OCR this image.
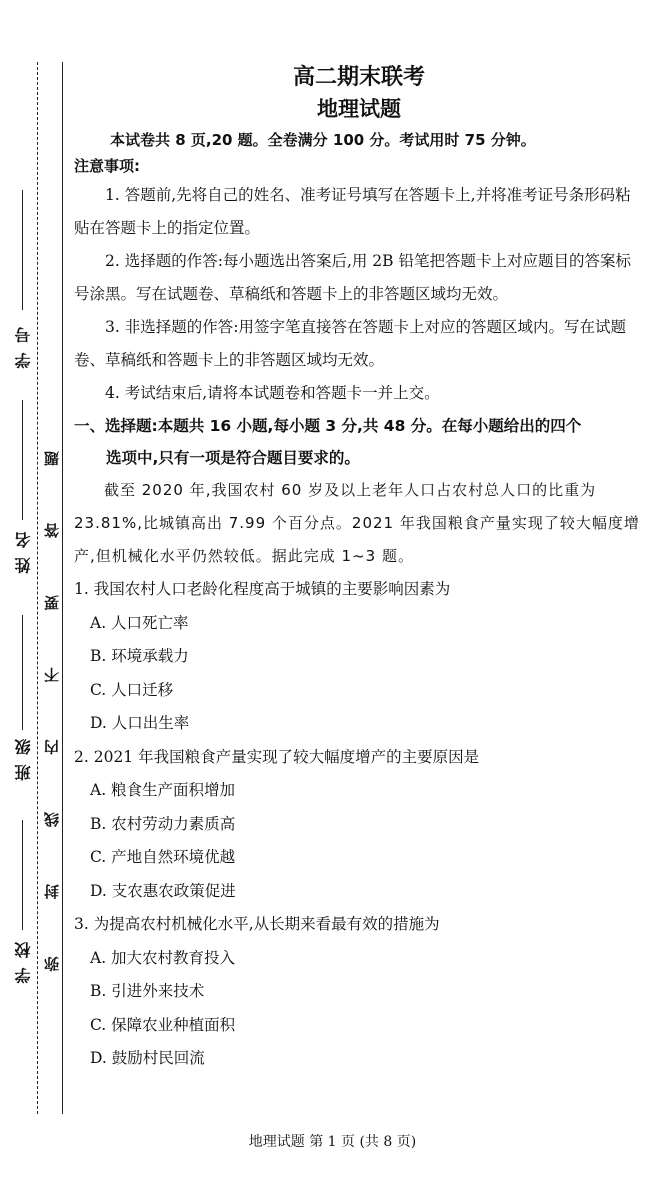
学 号
姓 名
班 级
学 校 弥 封 线 内 不 要 答 题
高二期末联考
地理试题
本试卷共 8 页,20 题。全卷满分 100 分。考试用时 75 分钟。
注意事项:

1. 答题前,先将自己的姓名、准考证号填写在答题卡上,并将准考证号条形码粘贴在答题卡上的指定位置。

2. 选择题的作答:每小题选出答案后,用 2B 铅笔把答题卡上对应题目的答案标号涂黑。写在试题卷、草稿纸和答题卡上的非答题区域均无效。

3. 非选择题的作答:用签字笔直接答在答题卡上对应的答题区域内。写在试题卷、草稿纸和答题卡上的非答题区域均无效。

4. 考试结束后,请将本试题卷和答题卡一并上交。

一、选择题:本题共 16 小题,每小题 3 分,共 48 分。在每小题给出的四个
选项中,只有一项是符合题目要求的。

截至 2020 年,我国农村 60 岁及以上老年人口占农村总人口的比重为 23.81%,比城镇高出 7.99 个百分点。2021 年我国粮食产量实现了较大幅度增产,但机械化水平仍然较低。据此完成 1~3 题。

1. 我国农村人口老龄化程度高于城镇的主要影响因素为

A. 人口死亡率

B. 环境承载力

C. 人口迁移

D. 人口出生率

2. 2021 年我国粮食产量实现了较大幅度增产的主要原因是

A. 粮食生产面积增加

B. 农村劳动力素质高

C. 产地自然环境优越

D. 支农惠农政策促进

3. 为提高农村机械化水平,从长期来看最有效的措施为

A. 加大农村教育投入

B. 引进外来技术

C. 保障农业种植面积

D. 鼓励村民回流

地理试题 第 1 页 (共 8 页)
